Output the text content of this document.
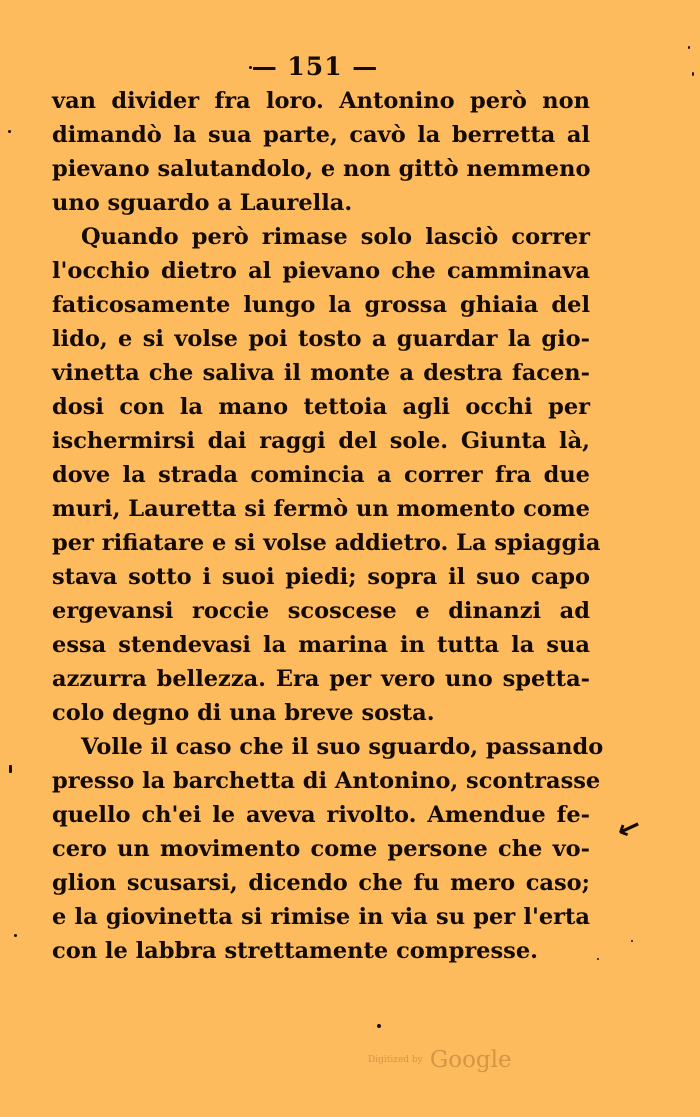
— 151 —
van divider fra loro. Antonino però non
dimandò la sua parte, cavò la berretta al
pievano salutandolo, e non gittò nemmeno
uno sguardo a Laurella.
Quando però rimase solo lasciò correr
l'occhio dietro al pievano che camminava
faticosamente lungo la grossa ghiaia del
lido, e si volse poi tosto a guardar la gio-
vinetta che saliva il monte a destra facen-
dosi con la mano tettoia agli occhi per
ischermirsi dai raggi del sole. Giunta là,
dove la strada comincia a correr fra due
muri, Lauretta si fermò un momento come
per rifiatare e si volse addietro. La spiaggia
stava sotto i suoi piedi; sopra il suo capo
ergevansi roccie scoscese e dinanzi ad
essa stendevasi la marina in tutta la sua
azzurra bellezza. Era per vero uno spetta-
colo degno di una breve sosta.
Volle il caso che il suo sguardo, passando
presso la barchetta di Antonino, scontrasse
quello ch'ei le aveva rivolto. Amendue fe-
cero un movimento come persone che vo-
glion scusarsi, dicendo che fu mero caso;
e la giovinetta si rimise in via su per l'erta
con le labbra strettamente compresse.
↙
Digitized by Google
